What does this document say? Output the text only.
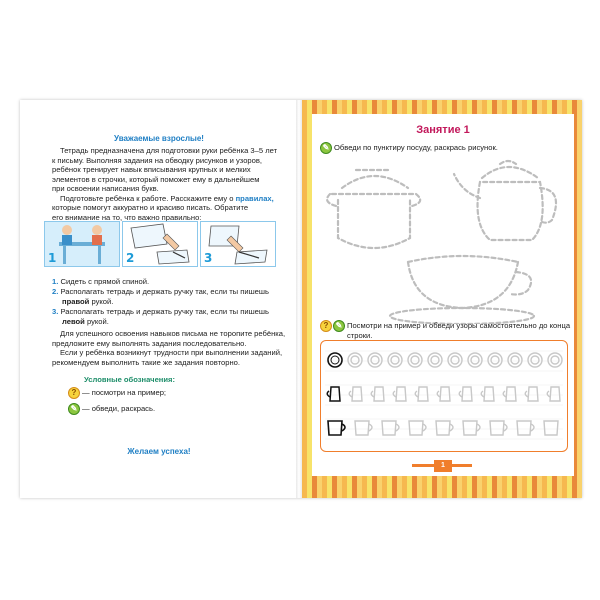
Уважаемые взрослые!
Тетрадь предназначена для подготовки руки ребёнка 3–5 лет
к письму. Выполняя задания на обводку рисунков и узоров,
ребёнок тренирует навык вписывания крупных и мелких
элементов в строчки, который поможет ему в дальнейшем
при освоении написания букв.
Подготовьте ребёнка к работе. Расскажите ему о правилах,
которые помогут аккуратно и красиво писать. Обратите
его внимание на то, что важно правильно:
1	2	3
1. Сидеть с прямой спиной.
2. Располагать тетрадь и держать ручку так, если ты пишешь
правой рукой.
3. Располагать тетрадь и держать ручку так, если ты пишешь
левой рукой.
Для успешного освоения навыков письма не торопите ребёнка,
предложите ему выполнять задания последовательно.
Если у ребёнка возникнут трудности при выполнении заданий,
рекомендуем выполнить такие же задания повторно.
Условные обозначения:
? — посмотри на пример;
✎ — обведи, раскрась.
Желаем успеха!
Занятие 1
✎ Обведи по пунктиру посуду, раскрась рисунок.
? ✎ Посмотри на пример и обведи узоры самостоятельно до конца
строки.
1
